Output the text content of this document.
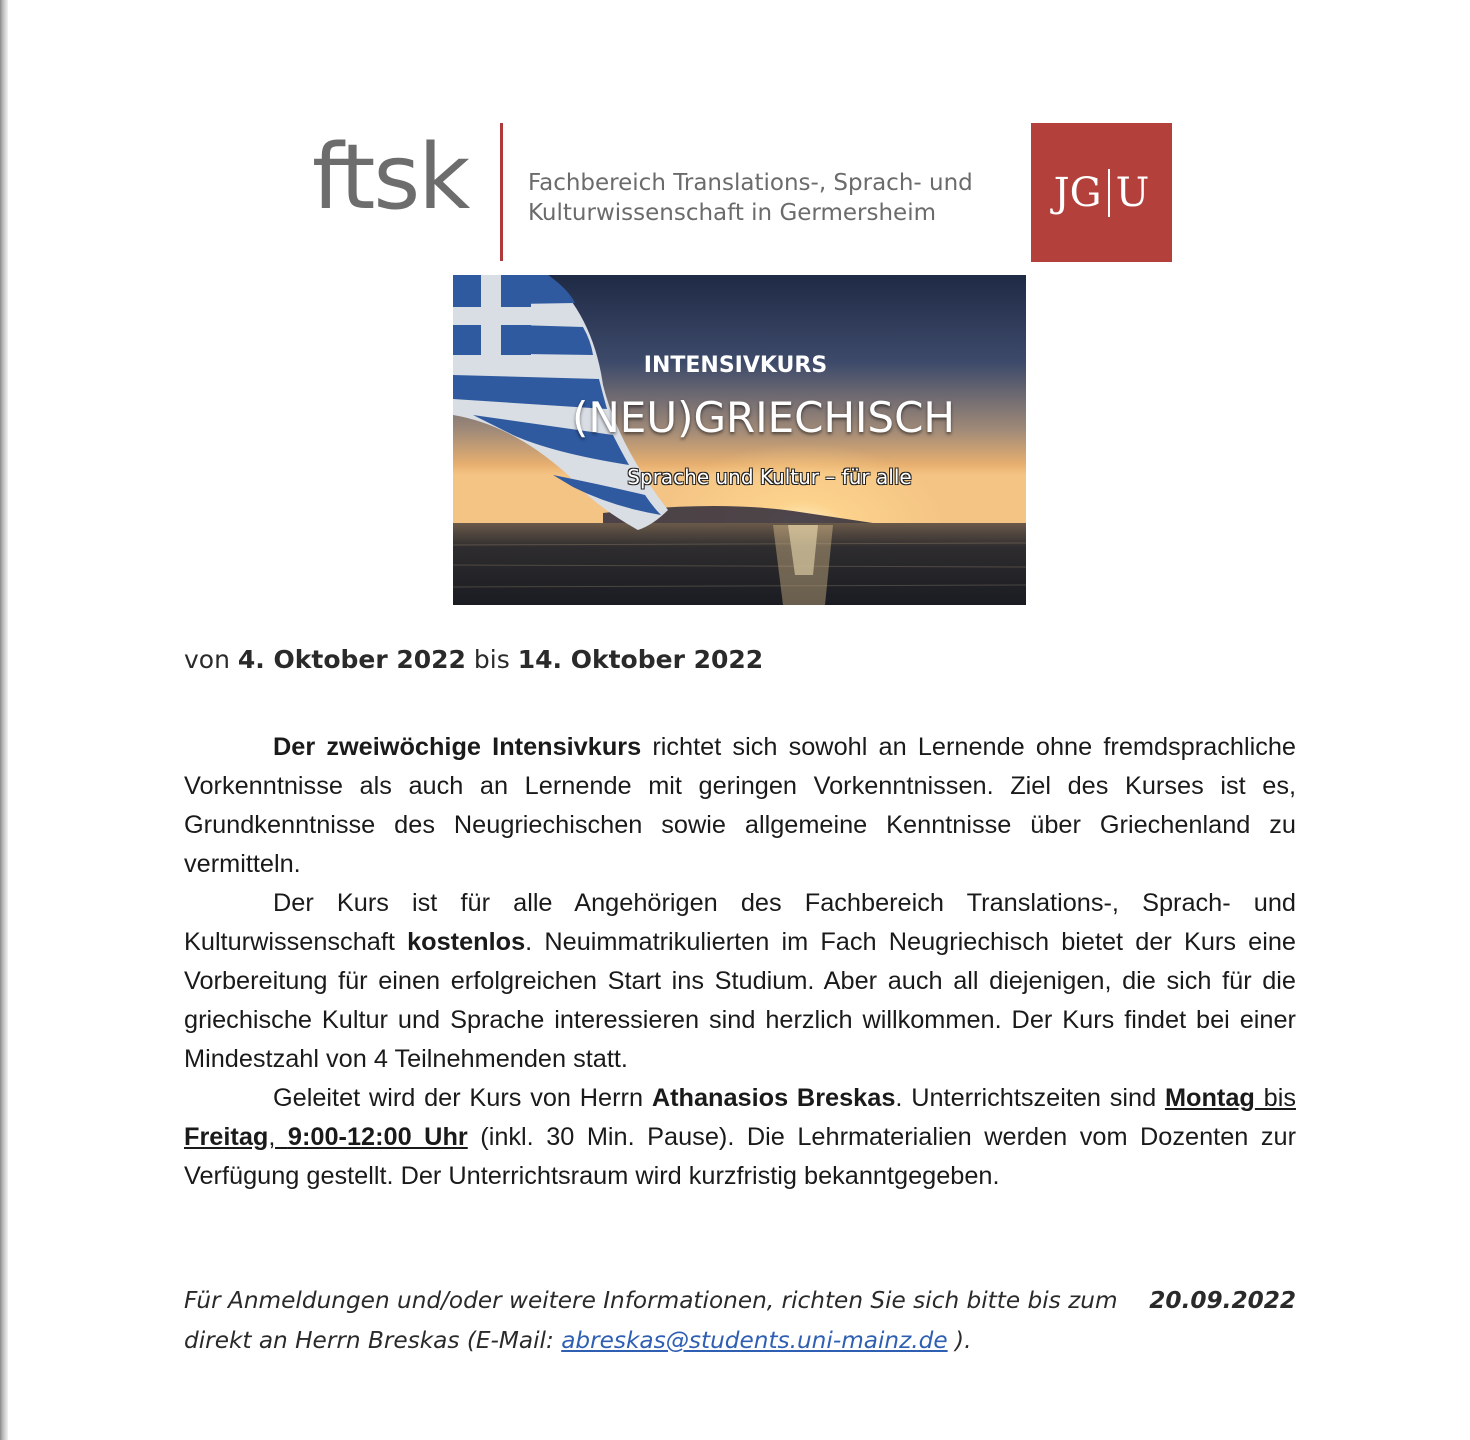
ftsk	Fachbereich Translations-, Sprach- und
Kulturwissenschaft in Germersheim	JG U
INTENSIVKURS
(NEU)GRIECHISCH
Sprache und Kultur – für alle
von 4. Oktober 2022 bis 14. Oktober 2022

Der zweiwöchige Intensivkurs richtet sich sowohl an Lernende ohne fremdsprachliche Vorkenntnisse als auch an Lernende mit geringen Vorkenntnissen. Ziel des Kurses ist es, Grundkenntnisse des Neugriechischen sowie allgemeine Kenntnisse über Griechenland zu vermitteln.

Der Kurs ist für alle Angehörigen des Fachbereich Translations-, Sprach- und Kulturwissenschaft kostenlos. Neuimmatrikulierten im Fach Neugriechisch bietet der Kurs eine Vorbereitung für einen erfolgreichen Start ins Studium. Aber auch all diejenigen, die sich für die griechische Kultur und Sprache interessieren sind herzlich willkommen. Der Kurs findet bei einer Mindestzahl von 4 Teilnehmenden statt.

Geleitet wird der Kurs von Herrn Athanasios Breskas. Unterrichtszeiten sind Montag bis Freitag, 9:00-12:00 Uhr (inkl. 30 Min. Pause). Die Lehrmaterialien werden vom Dozenten zur Verfügung gestellt. Der Unterrichtsraum wird kurzfristig bekanntgegeben.

Für Anmeldungen und/oder weitere Informationen, richten Sie sich bitte bis zum 20.09.2022
direkt an Herrn Breskas (E-Mail: abreskas@students.uni-mainz.de ).
